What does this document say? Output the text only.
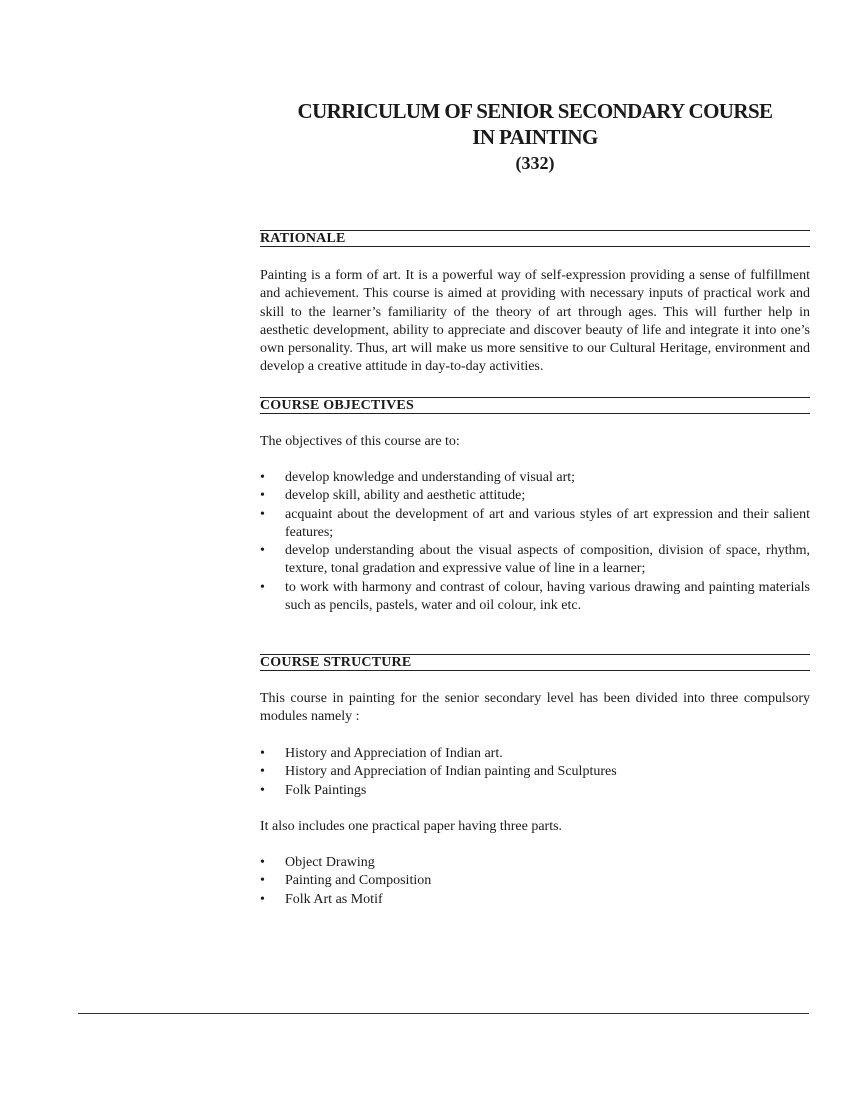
CURRICULUM OF SENIOR SECONDARY COURSE
IN PAINTING
(332)
RATIONALE

Painting is a form of art. It is a powerful way of self-expression providing a sense of fulfillment and achievement. This course is aimed at providing with necessary inputs of practical work and skill to the learner’s familiarity of the theory of art through ages. This will further help in aesthetic development, ability to appreciate and discover beauty of life and integrate it into one’s own personality. Thus, art will make us more sensitive to our Cultural Heritage, environment and develop a creative attitude in day-to-day activities.

COURSE OBJECTIVES

The objectives of this course are to:

• develop knowledge and understanding of visual art;
• develop skill, ability and aesthetic attitude;
• acquaint about the development of art and various styles of art expression and their salient features;
• develop understanding about the visual aspects of composition, division of space, rhythm, texture, tonal gradation and expressive value of line in a learner;
• to work with harmony and contrast of colour, having various drawing and painting materials such as pencils, pastels, water and oil colour, ink etc.
COURSE STRUCTURE

This course in painting for the senior secondary level has been divided into three compulsory modules namely :

• History and Appreciation of Indian art.
• History and Appreciation of Indian painting and Sculptures
• Folk Paintings

It also includes one practical paper having three parts.

• Object Drawing
• Painting and Composition
• Folk Art as Motif
